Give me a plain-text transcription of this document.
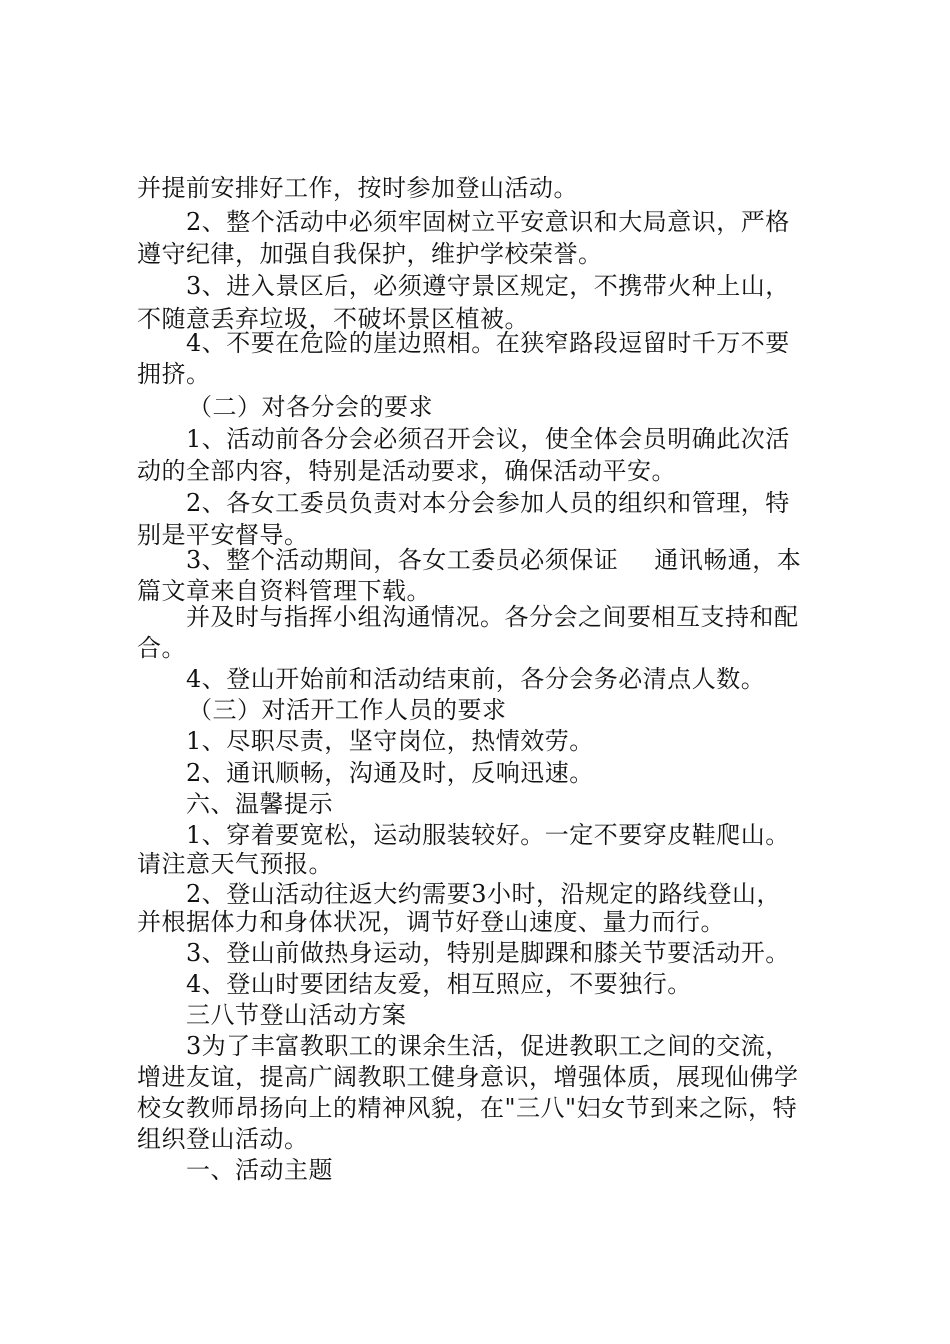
并提前安排好工作，按时参加登山活动。
2、整个活动中必须牢固树立平安意识和大局意识，严格
遵守纪律，加强自我保护，维护学校荣誉。
3、进入景区后，必须遵守景区规定，不携带火种上山，
不随意丢弃垃圾，不破坏景区植被。
4、不要在危险的崖边照相。在狭窄路段逗留时千万不要
拥挤。
（二）对各分会的要求
1、活动前各分会必须召开会议，使全体会员明确此次活
动的全部内容，特别是活动要求，确保活动平安。
2、各女工委员负责对本分会参加人员的组织和管理，特
别是平安督导。
3、整个活动期间，各女工委员必须保证 通讯畅通，本
篇文章来自资料管理下载。
并及时与指挥小组沟通情况。各分会之间要相互支持和配
合。
4、登山开始前和活动结束前，各分会务必清点人数。
（三）对活开工作人员的要求
1、尽职尽责，坚守岗位，热情效劳。
2、通讯顺畅，沟通及时，反响迅速。
六、温馨提示
1、穿着要宽松，运动服装较好。一定不要穿皮鞋爬山。
请注意天气预报。
2、登山活动往返大约需要3小时，沿规定的路线登山，
并根据体力和身体状况，调节好登山速度、量力而行。
3、登山前做热身运动，特别是脚踝和膝关节要活动开。
4、登山时要团结友爱，相互照应，不要独行。
三八节登山活动方案
3为了丰富教职工的课余生活，促进教职工之间的交流，
增进友谊，提高广阔教职工健身意识，增强体质，展现仙佛学
校女教师昂扬向上的精神风貌，在"三八"妇女节到来之际，特
组织登山活动。
一、活动主题
